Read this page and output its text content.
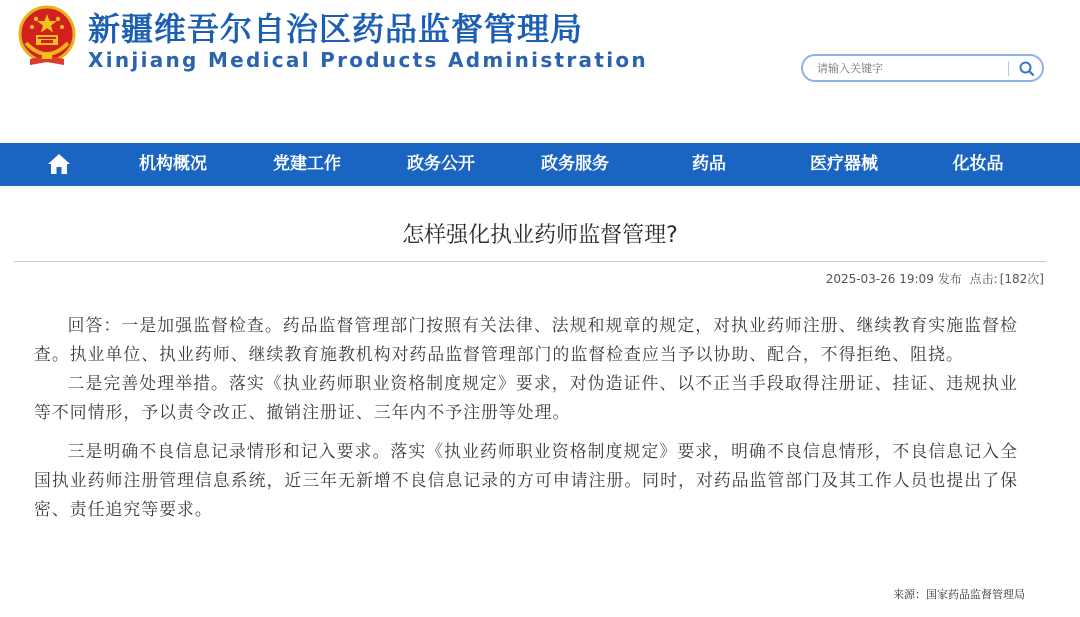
新疆维吾尔自治区药品监督管理局
Xinjiang Medical Products Administration
请输入关键字
机构概况	党建工作	政务公开	政务服务	药品	医疗器械	化妆品
怎样强化执业药师监督管理?
2025-03-26 19:09 发布 点击: [182次]

回答：一是加强监督检查。药品监督管理部门按照有关法律、法规和规章的规定，对执业药师注册、继续教育实施监督检查。执业单位、执业药师、继续教育施教机构对药品监督管理部门的监督检查应当予以协助、配合，不得拒绝、阻挠。

二是完善处理举措。落实《执业药师职业资格制度规定》要求，对伪造证件、以不正当手段取得注册证、挂证、违规执业等不同情形，予以责令改正、撤销注册证、三年内不予注册等处理。

三是明确不良信息记录情形和记入要求。落实《执业药师职业资格制度规定》要求，明确不良信息情形，不良信息记入全国执业药师注册管理信息系统，近三年无新增不良信息记录的方可申请注册。同时，对药品监管部门及其工作人员也提出了保密、责任追究等要求。

来源：国家药品监督管理局
